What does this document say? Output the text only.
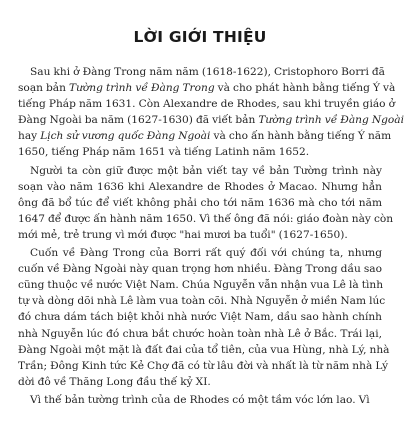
LỜI GIỚI THIỆU

Sau khi ở Đàng Trong năm năm (1618-1622), Cristophoro Borri đã
soạn bản Tường trình về Đàng Trong và cho phát hành bằng tiếng Ý và
tiếng Pháp năm 1631. Còn Alexandre de Rhodes, sau khi truyền giáo ở
Đàng Ngoài ba năm (1627-1630) đã viết bản Tường trình về Đàng Ngoài
hay Lịch sử vương quốc Đàng Ngoài và cho ấn hành bằng tiếng Ý năm
1650, tiếng Pháp năm 1651 và tiếng Latinh năm 1652.

Người ta còn giữ được một bản viết tay về bản Tường trình này
soạn vào năm 1636 khi Alexandre de Rhodes ở Macao. Nhưng hẳn
ông đã bổ túc để viết không phải cho tới năm 1636 mà cho tới năm
1647 để được ấn hành năm 1650. Vì thế ông đã nói: giáo đoàn này còn
mới mẻ, trẻ trung vì mới được "hai mươi ba tuổi" (1627-1650).

Cuốn về Đàng Trong của Borri rất quý đối với chúng ta, nhưng
cuốn về Đàng Ngoài này quan trọng hơn nhiều. Đàng Trong dầu sao
cũng thuộc về nước Việt Nam. Chúa Nguyễn vẫn nhận vua Lê là tình
tự và dòng dõi nhà Lê làm vua toàn cõi. Nhà Nguyễn ở miền Nam lúc
đó chưa dám tách biệt khỏi nhà nước Việt Nam, dầu sao hành chính
nhà Nguyễn lúc đó chưa bắt chước hoàn toàn nhà Lê ở Bắc. Trái lại,
Đàng Ngoài một mặt là đất đai của tổ tiên, của vua Hùng, nhà Lý, nhà
Trần; Đông Kinh tức Kẻ Chợ đã có từ lâu đời và nhất là từ năm nhà Lý
dời đô về Thăng Long đầu thế kỷ XI.

Vì thế bản tường trình của de Rhodes có một tầm vóc lớn lao. Vì
